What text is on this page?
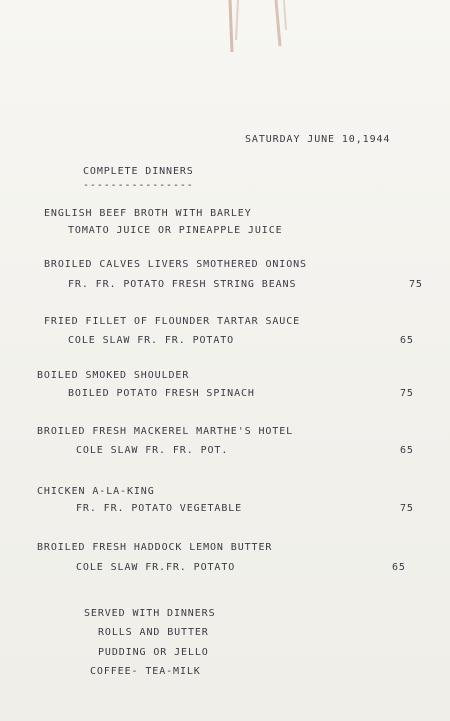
SATURDAY JUNE 10,1944
COMPLETE DINNERS
----------------
ENGLISH BEEF BROTH WITH BARLEY
TOMATO JUICE OR PINEAPPLE JUICE
BROILED CALVES LIVERS SMOTHERED ONIONS
FR. FR. POTATO FRESH STRING BEANS	75
FRIED FILLET OF FLOUNDER TARTAR SAUCE
COLE SLAW FR. FR. POTATO	65
BOILED SMOKED SHOULDER
BOILED POTATO FRESH SPINACH	75
BROILED FRESH MACKEREL MARTHE'S HOTEL
COLE SLAW FR. FR. POT.	65
CHICKEN A-LA-KING
FR. FR. POTATO VEGETABLE	75
BROILED FRESH HADDOCK LEMON BUTTER
COLE SLAW FR.FR. POTATO	65
SERVED WITH DINNERS
ROLLS AND BUTTER
PUDDING OR JELLO
COFFEE- TEA-MILK
